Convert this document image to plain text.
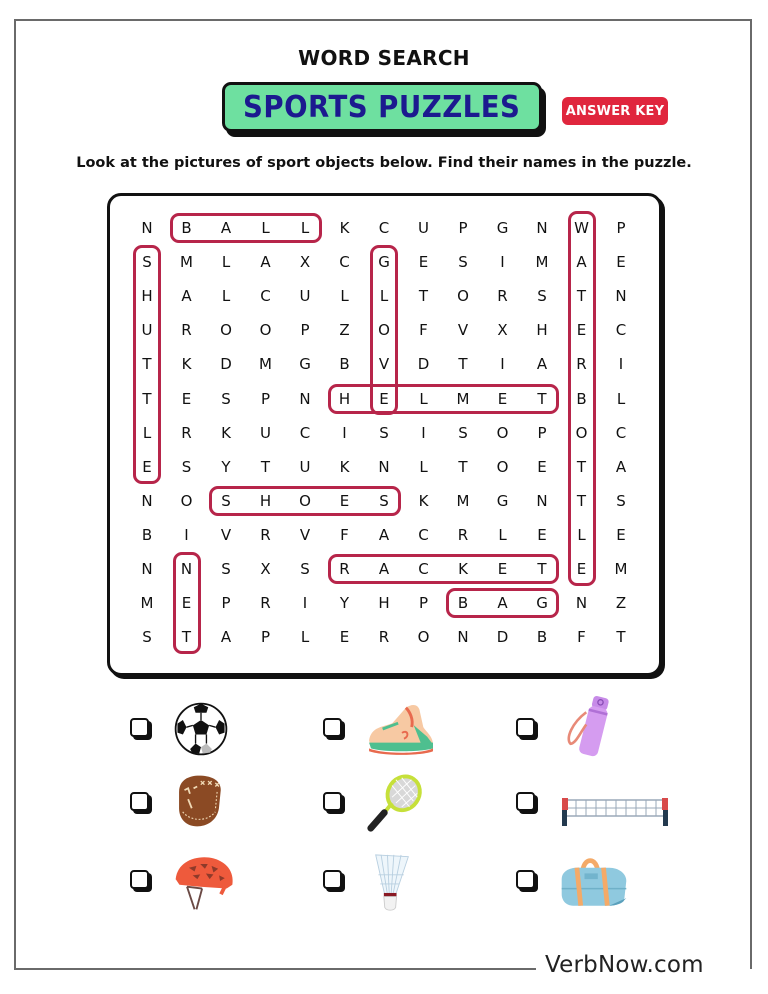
VerbNow.com
WORD SEARCH
SPORTS PUZZLES	ANSWER KEY
Look at the pictures of sport objects below. Find their names in the puzzle.
N	B	A	L	L	K	C	U	P	G	N	W	P
S	M	L	A	X	C	G	E	S	I	M	A	E
H	A	L	C	U	L	L	T	O	R	S	T	N
U	R	O	O	P	Z	O	F	V	X	H	E	C
T	K	D	M	G	B	V	D	T	I	A	R	I
T	E	S	P	N	H	E	L	M	E	T	B	L
L	R	K	U	C	I	S	I	S	O	P	O	C
E	S	Y	T	U	K	N	L	T	O	E	T	A
N	O	S	H	O	E	S	K	M	G	N	T	S
B	I	V	R	V	F	A	C	R	L	E	L	E
N	N	S	X	S	R	A	C	K	E	T	E	M
M	E	P	R	I	Y	H	P	B	A	G	N	Z
S	T	A	P	L	E	R	O	N	D	B	F	T
